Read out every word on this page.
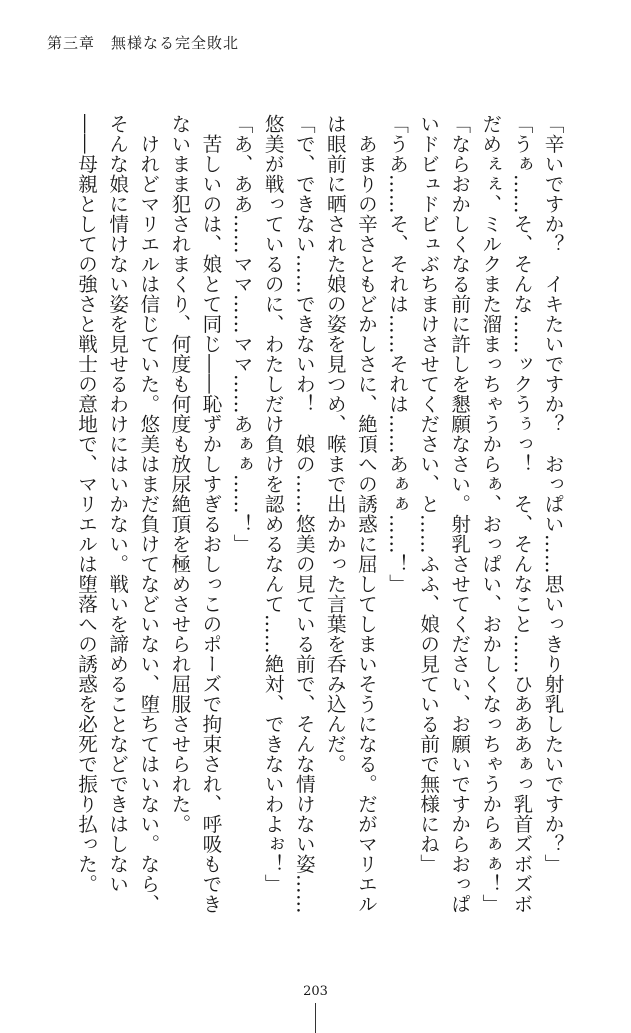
第三章　無様なる完全敗北

「辛いですか？　イキたいですか？　おっぱい……思いっきり射乳したいですか？」

「うぁ……そ、そんな……ックうぅっ！　そ、そんなこと……ひあああぁっ乳首ズボズボ

だめぇぇ、ミルクまた溜まっちゃうからぁ、おっぱい、おかしくなっちゃうからぁぁ！」

「ならおかしくなる前に許しを懇願なさい。射乳させてください、お願いですからおっぱ

いドビュドビュぶちまけさせてください、と……ふふ、娘の見ている前で無様にね」

「うあ……そ、それは……それは……あぁぁ……！」

　あまりの辛さともどかしさに、絶頂への誘惑に屈してしまいそうになる。だがマリエル

は眼前に晒された娘の姿を見つめ、喉まで出かかった言葉を呑み込んだ。

「で、できない……できないわ！　娘の……悠美の見ている前で、そんな情けない姿……

悠美が戦っているのに、わたしだけ負けを認めるなんて……絶対、できないわよぉ！」

「あ、ああ……ママ……ママ……あぁぁ……！」

　苦しいのは、娘とて同じ――恥ずかしすぎるおしっこのポーズで拘束され、呼吸もでき

ないまま犯されまくり、何度も何度も放尿絶頂を極めさせられ屈服させられた。

　けれどマリエルは信じていた。悠美はまだ負けてなどいない、堕ちてはいない。なら、

そんな娘に情けない姿を見せるわけにはいかない。戦いを諦めることなどできはしない

――母親としての強さと戦士の意地で、マリエルは堕落への誘惑を必死で振り払った。

203
